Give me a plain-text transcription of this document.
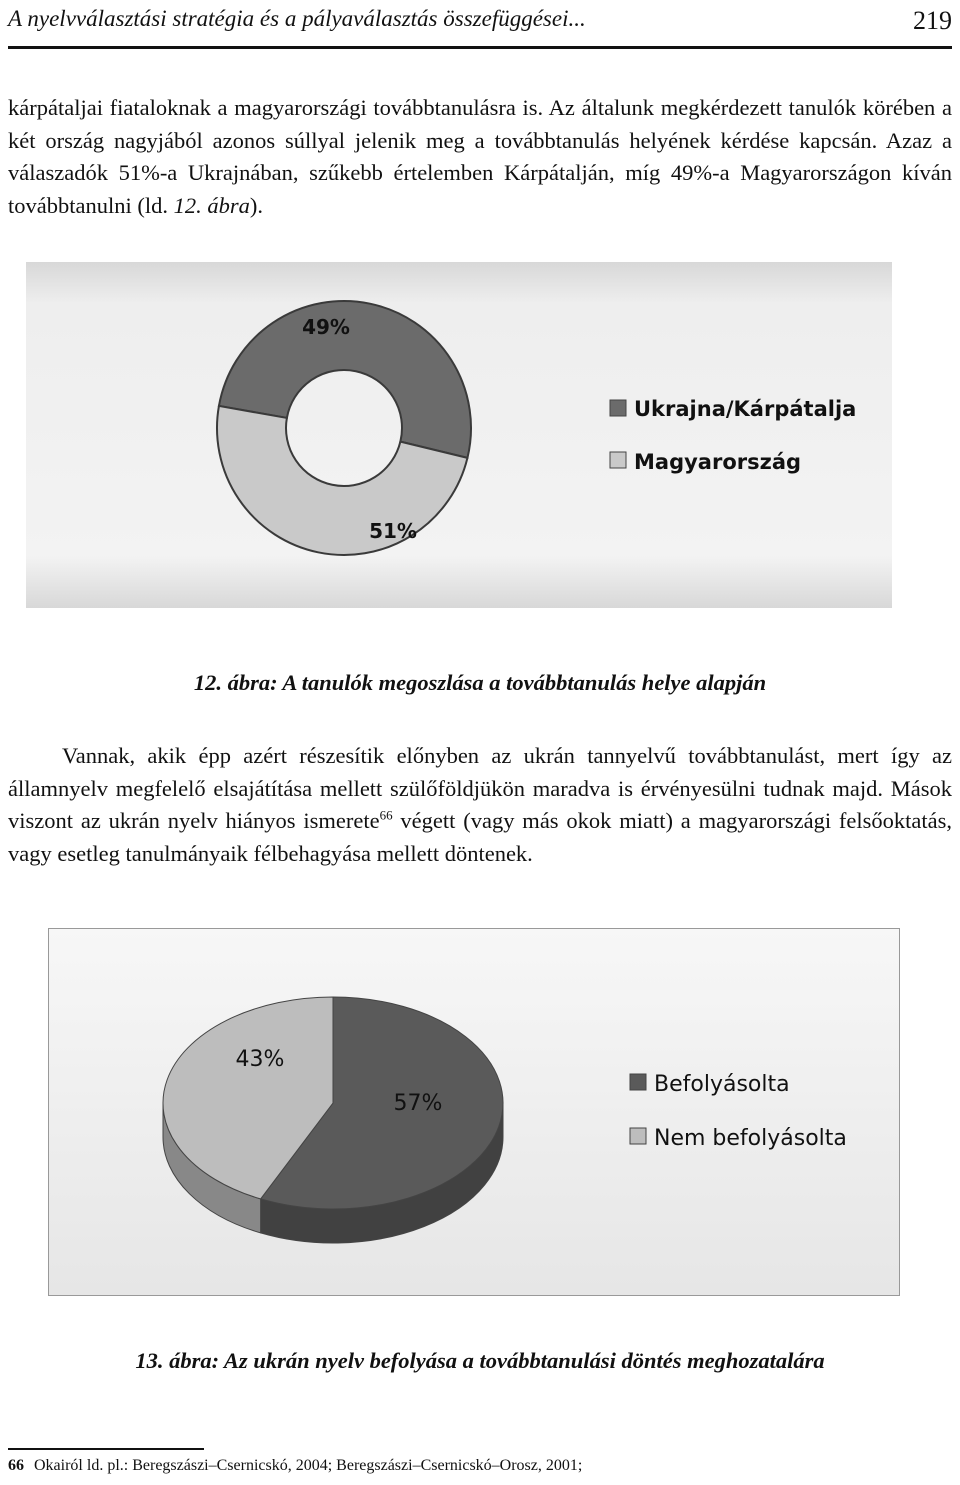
A nyelvválasztási stratégia és a pályaválasztás összefüggései...	219

kárpátaljai fiataloknak a magyarországi továbbtanulásra is. Az általunk megkérdezett tanulók körében a két ország nagyjából azonos súllyal jelenik meg a továbbtanulás helyének kérdése kapcsán. Azaz a válaszadók 51%-a Ukrajnában, szűkebb értelemben Kárpátalján, míg 49%-a Magyarországon kíván továbbtanulni (ld. 12. ábra).

51%
49%
Ukrajna/Kárpátalja
Magyarország
12. ábra: A tanulók megoszlása a továbbtanulás helye alapján

Vannak, akik épp azért részesítik előnyben az ukrán tannyelvű továbbtanulást, mert így az államnyelv megfelelő elsajátítása mellett szülőföldjükön maradva is érvényesülni tudnak majd. Mások viszont az ukrán nyelv hiányos ismerete$^{66}$ végett (vagy más okok miatt) a magyarországi felsőoktatás, vagy esetleg tanulmányaik félbehagyása mellett döntenek.

57%
43%
Befolyásolta
Nem befolyásolta
13. ábra: Az ukrán nyelv befolyása a továbbtanulási döntés meghozatalára
66 Okairól ld. pl.: Beregszászi–Csernicskó, 2004; Beregszászi–Csernicskó–Orosz, 2001;
